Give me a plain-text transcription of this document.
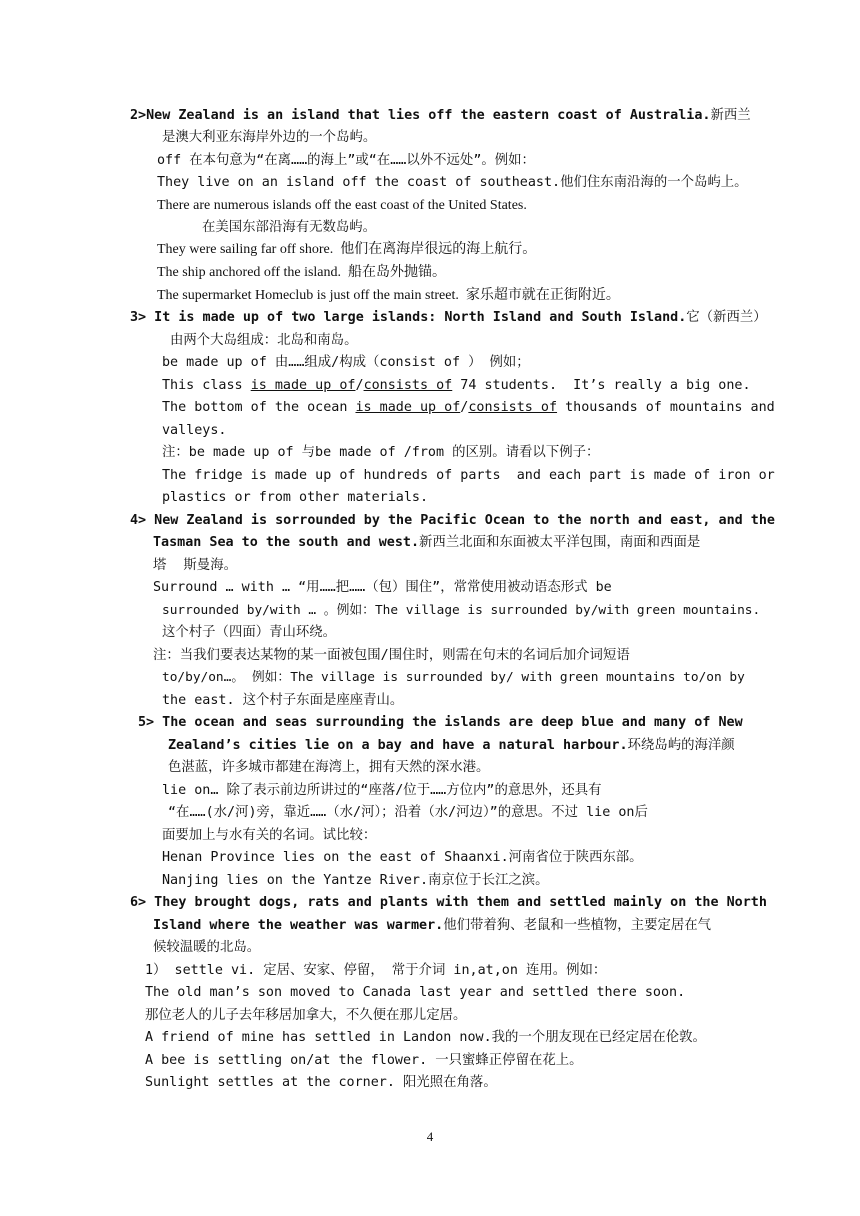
2>New Zealand is an island that lies off the eastern coast of Australia.新西兰
是澳大利亚东海岸外边的一个岛屿。
off 在本句意为“在离……的海上”或“在……以外不远处”。例如：
They live on an island off the coast of southeast.他们住东南沿海的一个岛屿上。
There are numerous islands off the east coast of the United States.
在美国东部沿海有无数岛屿。
They were sailing far off shore.  他们在离海岸很远的海上航行。
The ship anchored off the island.  船在岛外抛锚。
The supermarket Homeclub is just off the main street.  家乐超市就在正街附近。
3> It is made up of two large islands: North Island and South Island.它（新西兰）
由两个大岛组成：北岛和南岛。
be made up of 由……组成/构成（consist of ） 例如；
This class is made up of/consists of 74 students.  It’s really a big one.
The bottom of the ocean is made up of/consists of thousands of mountains and
valleys.
注：be made up of 与be made of /from 的区别。请看以下例子：
The fridge is made up of hundreds of parts  and each part is made of iron or
plastics or from other materials.
4> New Zealand is sorrounded by the Pacific Ocean to the north and east, and the
Tasman Sea to the south and west.新西兰北面和东面被太平洋包围，南面和西面是
塔    斯曼海。
Surround … with … “用……把……（包）围住”，常常使用被动语态形式 be
surrounded by/with … 。例如：The village is surrounded by/with green mountains.
这个村子（四面）青山环绕。
注：当我们要表达某物的某一面被包围/围住时，则需在句末的名词后加介词短语
to/by/on…。 例如：The village is surrounded by/ with green mountains to/on by
the east. 这个村子东面是座座青山。
5> The ocean and seas surrounding the islands are deep blue and many of New
Zealand’s cities lie on a bay and have a natural harbour.环绕岛屿的海洋颜
色湛蓝，许多城市都建在海湾上，拥有天然的深水港。
lie on… 除了表示前边所讲过的“座落/位于……方位内”的意思外，还具有
“在……(水/河)旁，靠近……（水/河）；沿着（水/河边）”的意思。不过 lie on后
面要加上与水有关的名词。试比较：
Henan Province lies on the east of Shaanxi.河南省位于陕西东部。
Nanjing lies on the Yantze River.南京位于长江之滨。
6> They brought dogs, rats and plants with them and settled mainly on the North
Island where the weather was warmer.他们带着狗、老鼠和一些植物，主要定居在气
候较温暖的北岛。
1） settle vi. 定居、安家、停留， 常于介词 in,at,on 连用。例如：
The old man’s son moved to Canada last year and settled there soon.
那位老人的儿子去年移居加拿大，不久便在那儿定居。
A friend of mine has settled in Landon now.我的一个朋友现在已经定居在伦敦。
A bee is settling on/at the flower. 一只蜜蜂正停留在花上。
Sunlight settles at the corner. 阳光照在角落。
4
